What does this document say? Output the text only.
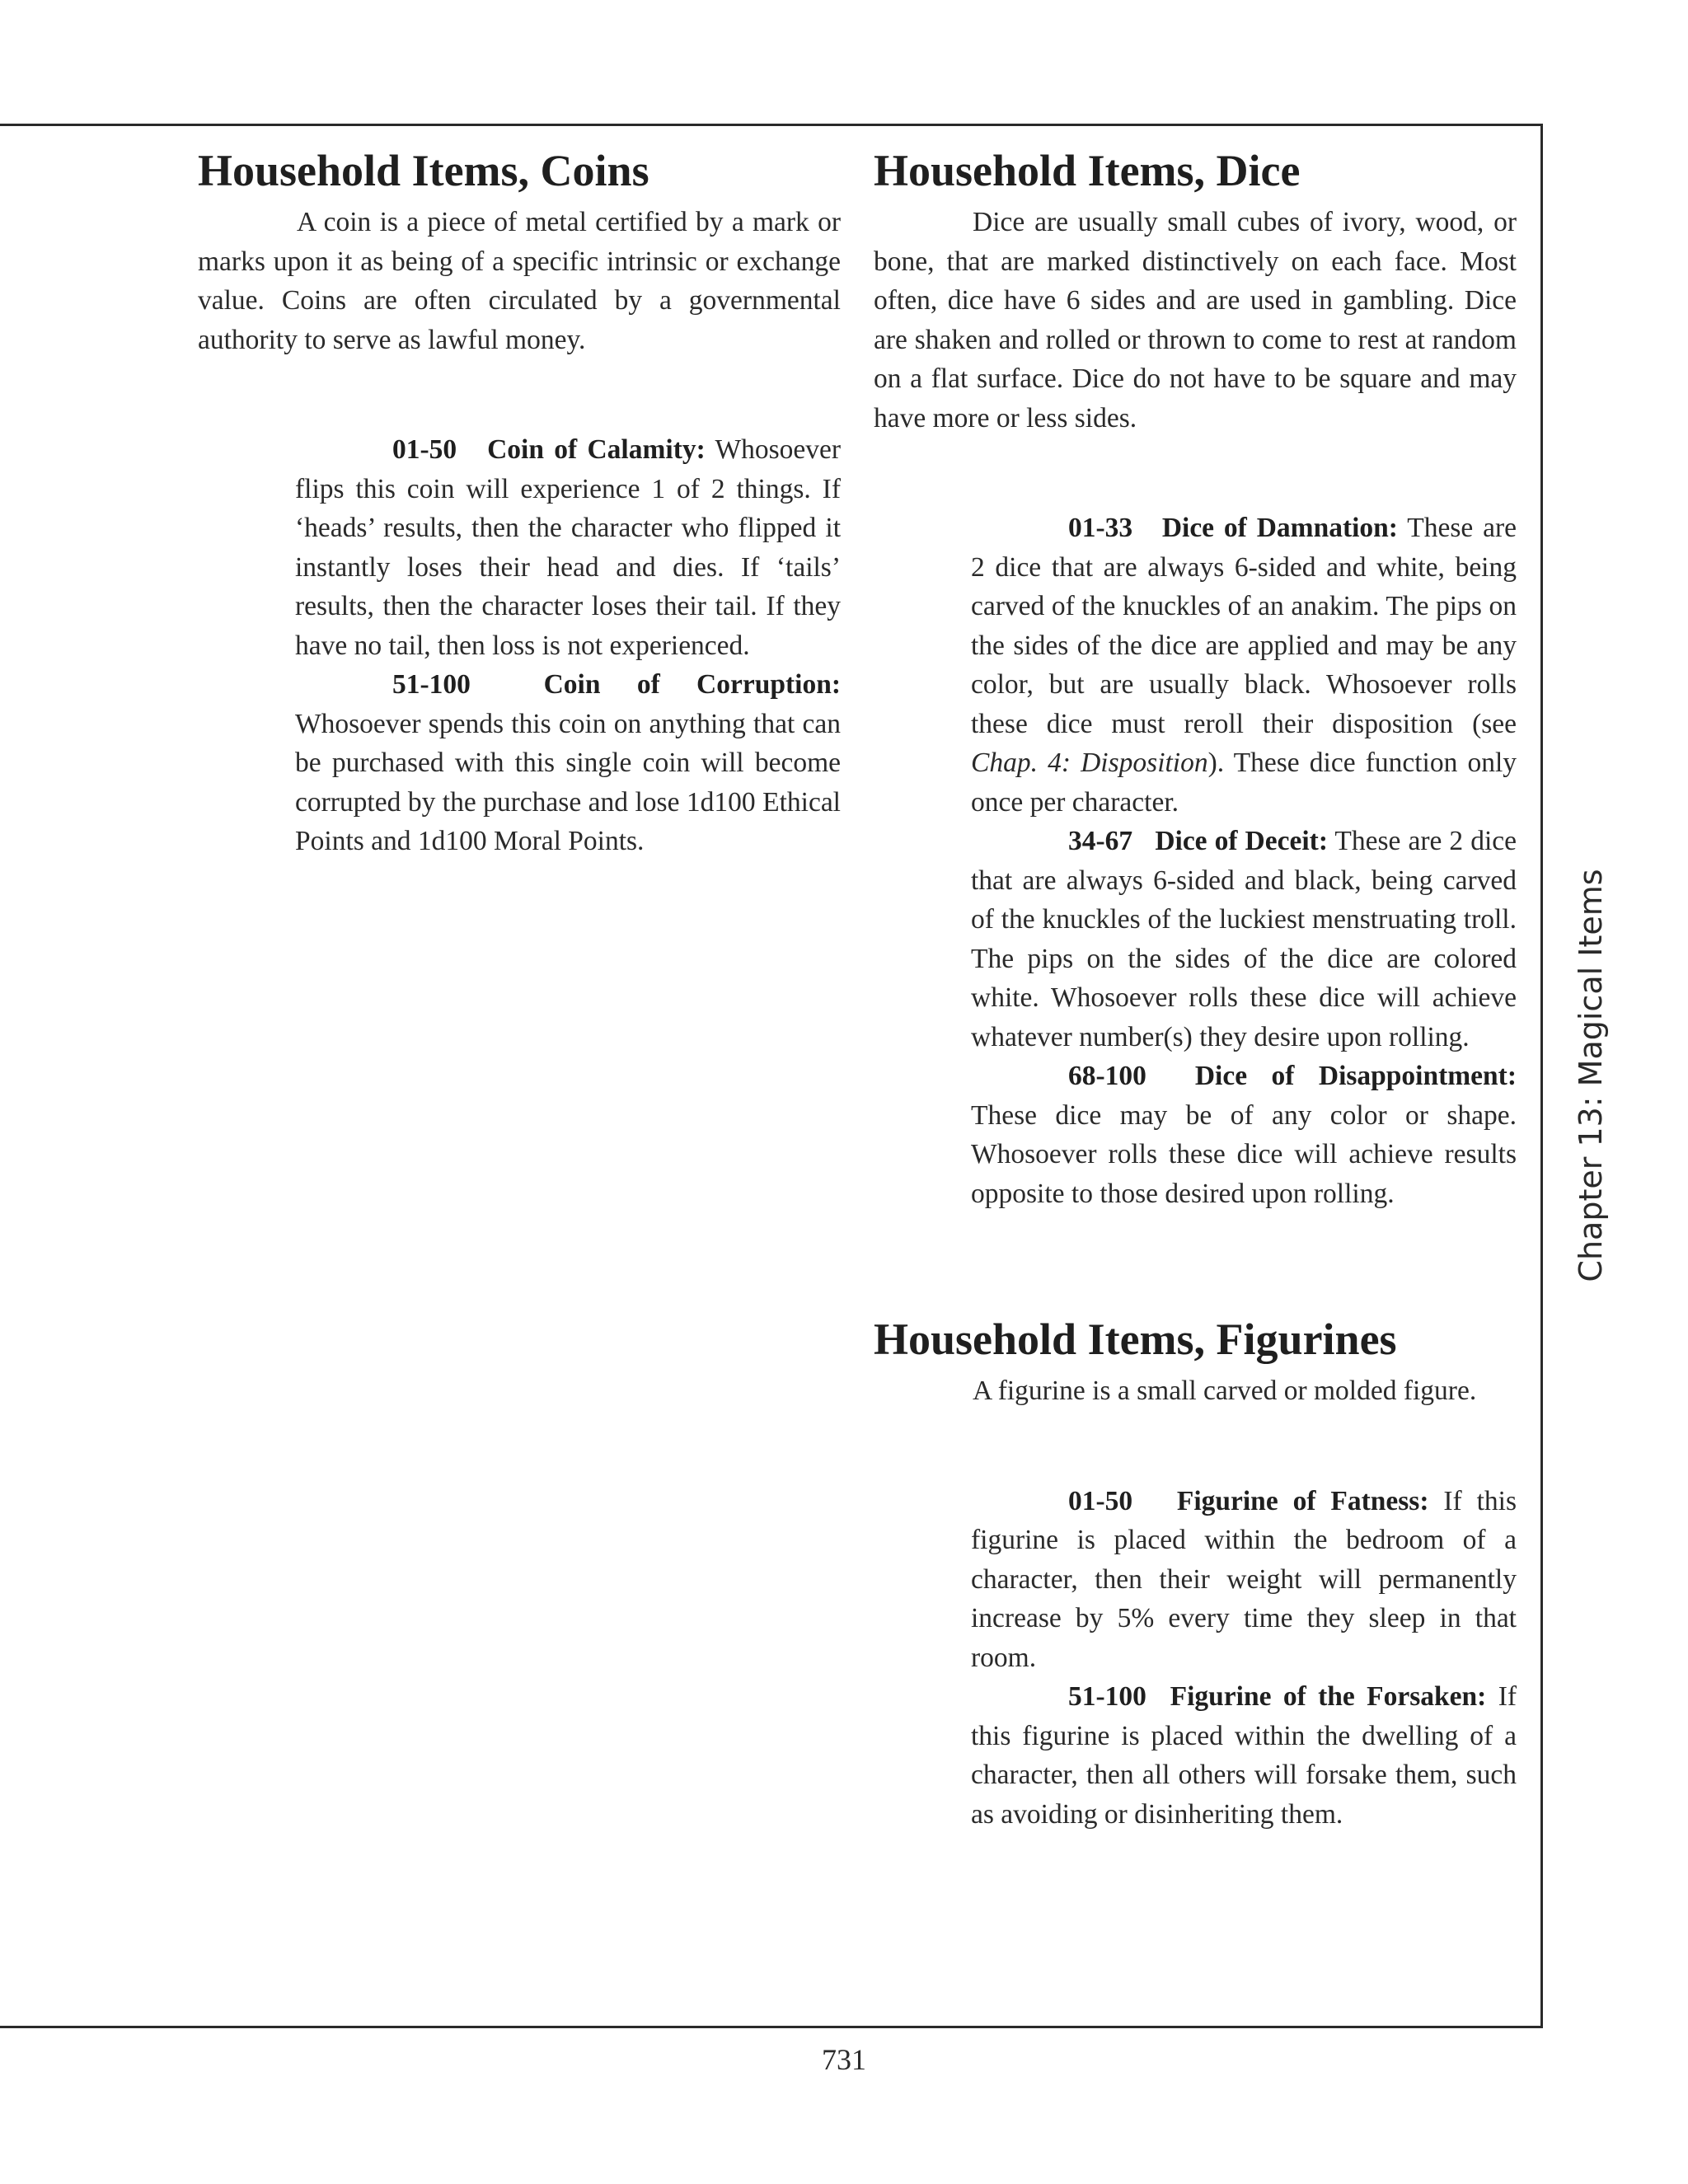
Household Items, Coins

A coin is a piece of metal certified by a mark or marks upon it as being of a specific intrinsic or exchange value. Coins are often circulated by a governmental authority to serve as lawful money.

01-50 Coin of Calamity: Whosoever flips this coin will experience 1 of 2 things. If ‘heads’ results, then the character who flipped it instantly loses their head and dies. If ‘tails’ results, then the character loses their tail. If they have no tail, then loss is not experienced.

51-100	Coin of Corruption: Whosoever spends this coin on anything that can be purchased with this single coin will become corrupted by the purchase and lose 1d100 Ethical Points and 1d100 Moral Points.

Household Items, Dice

Dice are usually small cubes of ivory, wood, or bone, that are marked distinctively on each face. Most often, dice have 6 sides and are used in gambling. Dice are shaken and rolled or thrown to come to rest at random on a flat surface. Dice do not have to be square and may have more or less sides.

01-33 Dice of Damnation: These are 2 dice that are always 6-sided and white, being carved of the knuckles of an anakim. The pips on the sides of the dice are applied and may be any color, but are usually black. Whosoever rolls these dice must reroll their disposition (see Chap. 4: Disposition). These dice function only once per character.

34-67 Dice of Deceit: These are 2 dice that are always 6-sided and black, being carved of the knuckles of the luckiest menstruating troll. The pips on the sides of the dice are colored white. Whosoever rolls these dice will achieve whatever number(s) they desire upon rolling.

68-100 Dice of Disappointment: These dice may be of any color or shape. Whosoever rolls these dice will achieve results opposite to those desired upon rolling.

Household Items, Figurines

A figurine is a small carved or molded figure.

01-50 Figurine of Fatness: If this figurine is placed within the bedroom of a character, then their weight will permanently increase by 5% every time they sleep in that room.

51-100 Figurine of the Forsaken: If this figurine is placed within the dwelling of a character, then all others will forsake them, such as avoiding or disinheriting them.

Chapter 13: Magical Items
731
